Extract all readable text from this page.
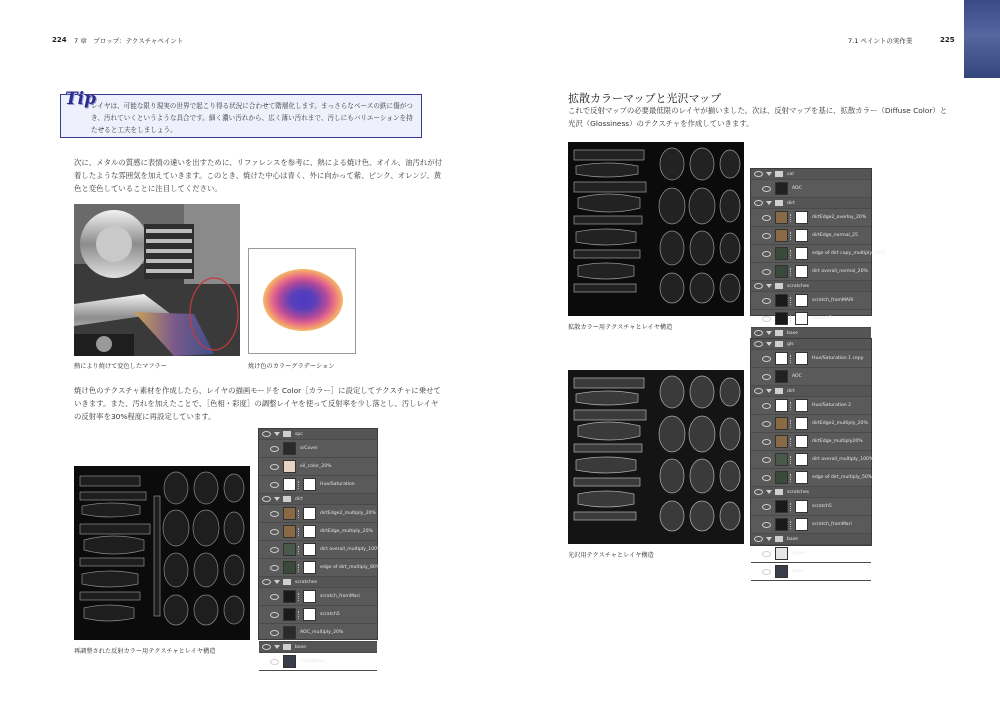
224 7 章　プロップ：テクスチャペイント	7.1 ペイントの実作業	225
Tip
レイヤは、可能な限り現実の世界で起こり得る状況に合わせて階層化します。まっさらなベースの鉄に傷がつき、汚れていくというような具合です。細く濃い汚れから、広く薄い汚れまで、汚しにもバリエーションを持たせると工夫をしましょう。
次に、メタルの質感に表情の違いを出すために、リファレンスを参考に、熱による焼け色、オイル、油汚れが付着したような雰囲気を加えていきます。このとき、焼けた中心は青く、外に向かって紫、ピンク、オレンジ、黄色と変色していることに注目してください。
熱により焼けて変色したマフラー	焼け色のカラーグラデーション
焼け色のテクスチャ素材を作成したら、レイヤの描画モードを Color［カラー］に設定してテクスチャに乗せていきます。また、汚れを加えたことで、［色相・彩度］の調整レイヤを使って反射率を少し落とし、汚しレイヤの反射率を30%程度に再設定しています。
spc
srCover
oil_color_20%
Hue/Saturation
dirt
dirtEdge2_multiply_20%
dirtEdge_multiply_20%
dirt overall_multiply_100%
edge of dirt_multiply_80%
scratches
scratch_fromMari
scratch5
AOC_multiply_20%
base
metalBase
再調整された反射カラー用テクスチャとレイヤ構造
拡散カラーマップと光沢マップ
これで反射マップの必要最低限のレイヤが揃いました。次は、反射マップを基に、拡散カラー（Diffuse Color）と光沢（Glossiness）のテクスチャを作成していきます。
col
AOC
dirt
dirtEdge2_overlay_20%
dirtEdge_normal_25
edge of dirt copy_multiply_50%
dirt overall_normal_20%
scratches
scratch_fromMARI
scratch5
base
拡散カラー用テクスチャとレイヤ構造
gls
Hue/Saturation 1 copy
AOC
dirt
Hue/Saturation 2
dirtEdge2_multiply_20%
dirtEdge_multiply20%
dirt overall_multiply_100%
edge of dirt_multiply_50%
scratches
scratch5
scratch_fromMari
base
panel
base
光沢用テクスチャとレイヤ構造
